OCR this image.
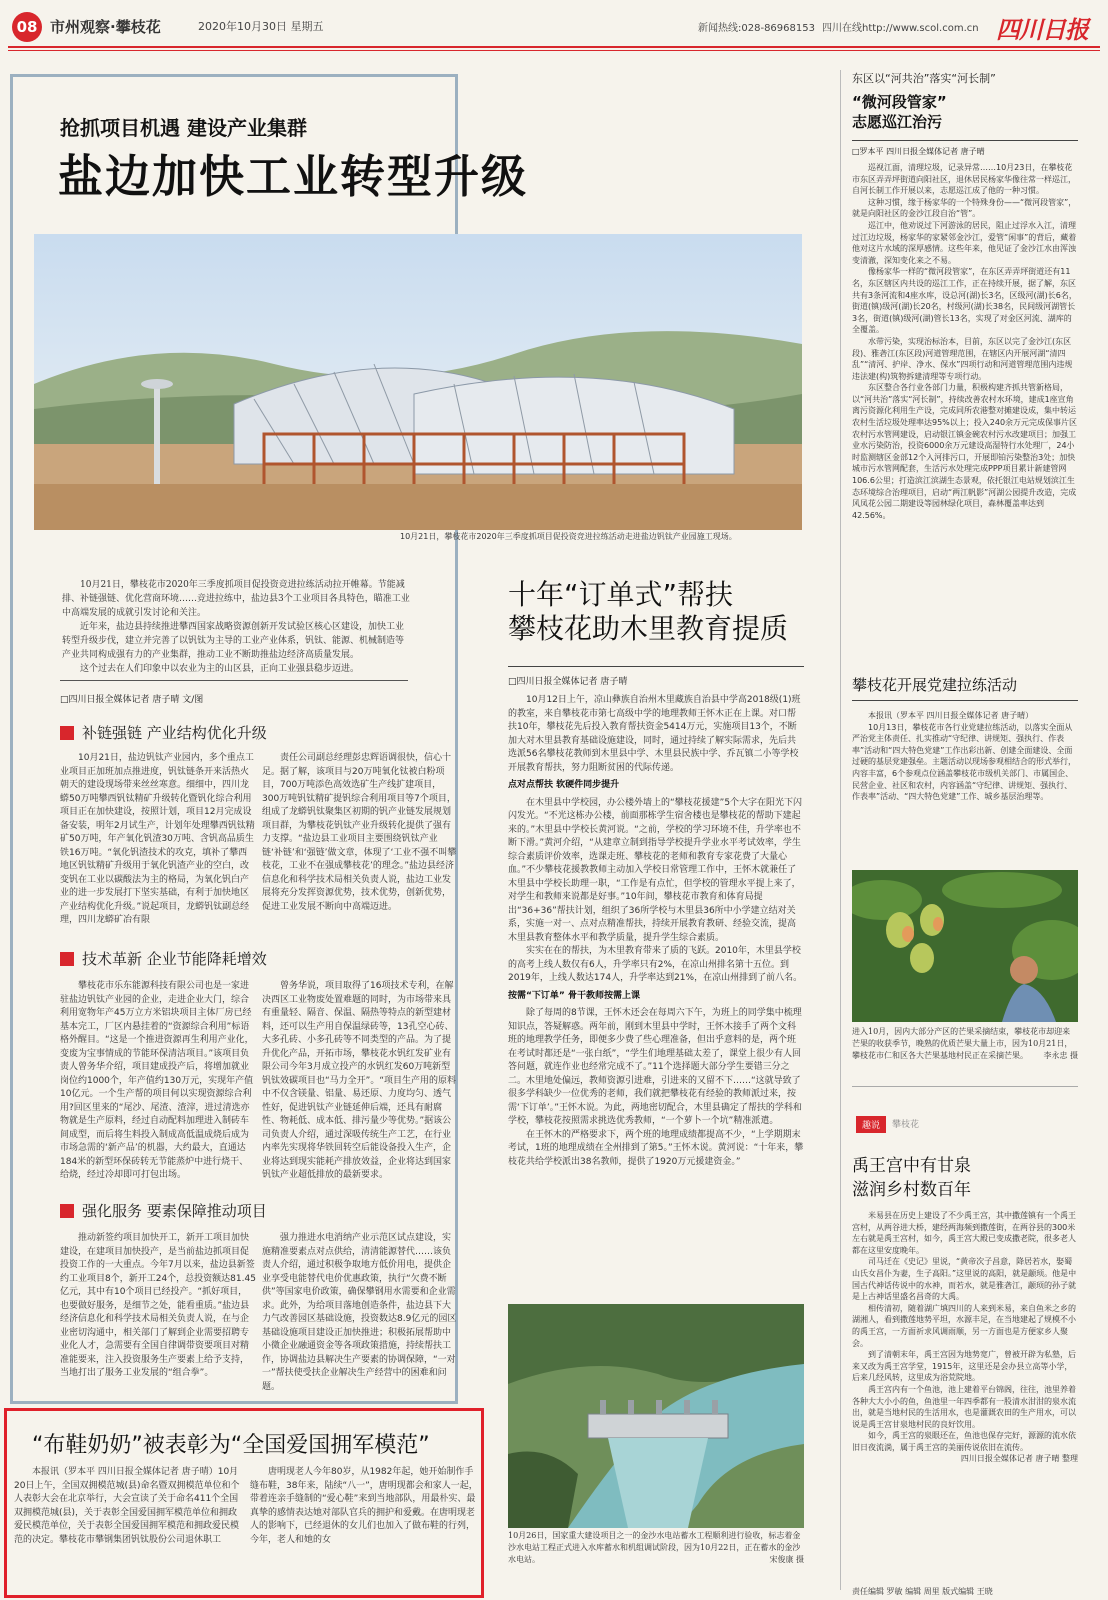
08 市州观察·攀枝花	2020年10月30日 星期五	新闻热线:028-86968153 四川在线http://www.scol.com.cn 四川日报
抢抓项目机遇 建设产业集群
盐边加快工业转型升级
10月21日，攀枝花市2020年三季度抓项目促投资竞进拉练活动走进盐边钒钛产业园施工现场。

10月21日，攀枝花市2020年三季度抓项目促投资竞进拉练活动拉开帷幕。节能减排、补链强链、优化营商环境……竞进拉练中，盐边县3个工业项目各具特色，瞄准工业中高端发展的成就引发讨论和关注。

近年来，盐边县持续推进攀西国家战略资源创新开发试验区核心区建设，加快工业转型升级步伐，建立并完善了以钒钛为主导的工业产业体系，钒钛、能源、机械制造等产业共同构成强有力的产业集群，推动工业不断助推盐边经济高质量发展。

这个过去在人们印象中以农业为主的山区县，正向工业强县稳步迈进。

□四川日报全媒体记者 唐子晴 文/图
补链强链 产业结构优化升级

10月21日，盐边钒钛产业园内，多个重点工业项目正加班加点推进度，钒钛链条开来活热火朝天的建设现场带来丝丝寒意。细细中，四川龙蟒50万吨攀西钒钛精矿升级转化暨钒化综合利用项目正在加快建设，按照计划，项目12月完成设备安装，明年2月试生产，计划年处理攀西钒钛精矿50万吨，年产氧化钒渣30万吨、含钒高品质生铁16万吨。“氧化钒渣技术的攻克，填补了攀西地区钒钛精矿升级用于氧化钒渣产业的空白，改变钒在工业以碳酸法为主的格局，为氧化钒白产业的进一步发展打下坚实基础，有利于加快地区产业结构优化升级。”说起项目，龙蟒钒钛副总经理，四川龙蟒矿冶有限

责任公司副总经理彭忠辉语调很快，信心十足。据了解，该项目与20万吨氧化钛被白粉项目，700万吨添色高效选矿生产线扩建项目，300万吨钒钛精矿提钒综合利用项目等7个项目，组成了龙蟒钒钛聚集区初期的钒产业链发展规划项目群，为攀枝花钒钛产业升级转化提供了强有力支撑。“盐边县工业项目主要围绕钒钛产业链‘补链’和‘强链’做文章，体现了‘工业不强不叫攀枝花，工业不在强成攀枝花’的理念。”盐边县经济信息化和科学技术局相关负责人说，盐边工业发展将充分发挥资源优势，技术优势，创新优势，促进工业发展不断向中高端迈进。

技术革新 企业节能降耗增效

攀枝花市乐东能源科技有限公司也是一家进驻盐边钒钛产业园的企业，走进企业大门，综合利用宽物年产45万立方米铝块项目主体厂房已经基本完工，厂区内悬挂着的“资源综合利用”标语格外醒目。“这是一个推进资源再生利用产业化，变废为宝事情成的节能环保清洁项目。”该项目负责人曾务华介绍，项目建成投产后，将增加就业岗位约1000个，年产值约130万元，实现年产值10亿元。一个生产帮的项目何以实现资源综合利用?回区里来的“尾沙、尾渣、渣滓，进过清选亦物就是生产原料，经过自动配料加理进入制砖车间成型，而后将生料投入制成高低温成烧后成为市场急需的‘新产品’的机器，大约最大，直通达184米的新型环保砖转无节能蒸炉中进行烧干、给烧，经过冷却即可打包出场。

曾务华说，项目取得了16项技术专利，在解决西区工业物废处置难题的同时，为市场带来具有重量轻、隔音、保温、隔热等特点的新型建材料，还可以生产用自保温绿砖等，13孔空心砖、大多孔砖、小多孔砖等不同类型的产品。为了提升优化产品，开拓市场，攀枝花水钒红发矿业有限公司今年3月成立投产的水钒红发60万吨新型钒钛效碳项目也“马力全开”。“项目生产用的原料中不仅含镁量、铝量、易还原、力度均匀、透气性好，促进钒钛产业链延伸后端，还具有耐腐性、物耗低、成本低、排污量少等优势。”据该公司负责人介绍，通过深吸传统生产工艺，在行业内率先实现将华铁回转空后能设备投入生产，企业将达到现实能耗产排放效益，企业将达到国家钒钛产业超低排放的最新要求。

强化服务 要素保障推动项目

推动新签约项目加快开工，新开工项目加快建设，在建项目加快投产，是当前盐边抓项目促投资工作的一大重点。今年7月以来，盐边县新签约工业项目8个，新开工24个，总投资额达81.45亿元，其中有10个项目已经投产。“抓好项目，也要做好服务，是细节之处，能看重质。”盐边县经济信息化和科学技术局相关负责人说，在与企业密切沟通中，相关部门了解到企业需要招聘专业化人才，急需要有全国自律调带资要项目对精准能要来，注入投资服务生产要素上给予支持，当地打出了服务工业发展的“组合拳”。

强力推进水电消纳产业示范区试点建设，实施精准要素点对点供给，清清能源替代……该负责人介绍，通过积极争取地方低价用电，提供企业享受电能替代电价优惠政策，执行“欠费不断供”等国家电价政策，确保攀钢用水需要和企业需求。此外，为给项目落地创造条件，盐边县下大力气改善园区基础设施，投资数达8.9亿元的园区基础设施项目建设正加快推进；积极拓展帮助中小微企业融通资金等各项政策措施，持续帮扶工作，协调盐边县解决生产要素的协调保障，“一对一”帮扶使受扶企业解决生产经营中的困难和问题。

“布鞋奶奶”被表彰为“全国爱国拥军模范”

本报讯（罗本平 四川日报全媒体记者 唐子晴）10月20日上午，全国双拥模范城(县)命名暨双拥模范单位和个人表彰大会在北京举行，大会宣读了关于命名411个全国双拥模范城(县)，关于表彰全国爱国拥军模范单位和拥政爱民模范单位，关于表彰全国爱国拥军模范和拥政爱民模范的决定。攀枝花市攀钢集团钒钛股份公司退休职工

唐明现老人今年80岁，从1982年起，她开始制作手缝布鞋，38年来，陆续“八一”，唐明现都会和家人一起，带着连亲手缝制的“爱心鞋”来到当地部队，用最朴实、最真挚的感情表达她对部队官兵的拥护和爱戴。在唐明现老人的影响下，已经退休的女儿们也加入了做布鞋的行列，今年，老人和她的女

十年“订单式”帮扶
攀枝花助木里教育提质
□四川日报全媒体记者 唐子晴

10月12日上午，凉山彝族自治州木里藏族自治县中学高2018级(1)班的教室，来自攀枝花市第七高级中学的地理教师王怀木正在上课。对口帮扶10年，攀枝花先后投入教育帮扶资金5414万元，实施项目13个，不断加大对木里县教育基础设施建设，同时，通过持续了解实际需求，先后共选派56名攀枝花教师到木里县中学、木里县民族中学、乔瓦镇二小等学校开展教育帮扶，努力阻断贫困的代际传递。

点对点帮扶 软硬件同步提升

在木里县中学校园，办公楼外墙上的“攀枝花援建”5个大字在阳光下闪闪发光。“不光这栋办公楼，前面那栋学生宿舍楼也是攀枝花的帮助下建起来的。”木里县中学校长黄河说。“之前，学校的学习环境不佳，升学率也不断下滑。”黄河介绍，“从建章立制到指导学校提升学业水平考试效率，学生综合素质评价效率，选课走班、攀枝花的老师和教育专家花费了大量心血。”不少攀枝花援教教师主动加入学校日常管理工作中，王怀木就兼任了木里县中学校长助理一职，“工作是有点忙，但学校的管理水平提上来了，对学生和教师来说都是好事。”10年间，攀枝花市教育和体育局提出“36+36”帮扶计划，组织了36所学校与木里县36所中小学建立结对关系，实施一对一、点对点精准帮扶，持续开展教育教研、经验交流，提高木里县教育整体水平和教学质量，提升学生综合素质。

实实在在的帮扶，为木里教育带来了质的飞跃。2010年，木里县学校的高考上线人数仅有6人，升学率只有2%，在凉山州排名第十五位。到2019年，上线人数达174人，升学率达到21%，在凉山州排到了前八名。

按需“下订单” 骨干教师按需上课

除了每周的8节课，王怀木还会在每周六下午，为班上的同学集中梳理知识点，答疑解惑。两年前，刚到木里县中学时，王怀木接手了两个文科班的地理教学任务，即便多少费了些心理准备，但出乎意料的是，两个班在考试时都还是“一张白纸”，“学生们地理基础太差了，课堂上很少有人回答问题，就连作业也经常完成不了。”11个选择题大部分学生要错三分之二。木里地处偏远，教师资源引进难，引进来的又留不下……“这就导致了很多学科缺少一位优秀的老师，我们就把攀枝花有经验的教师派过来，按需‘下订单’。”王怀木说。为此，两地密切配合，木里县确定了帮扶的学科和学校，攀枝花按照需求挑选优秀教师，“一个萝卜一个坑”精准派遣。

在王怀木的严格要求下，两个班的地理成绩都提高不少，“上学期期末考试，1班的地理成绩在全州排到了第5。”王怀木说。黄河说：“十年来，攀枝花共给学校派出38名教师，提供了1920万元援建资金。”

10月26日，国家重大建设项目之一的金沙水电站蓄水工程顺利进行验收，标志着金沙水电站工程正式进入水库蓄水和机组调试阶段，因为10月22日，正在蓄水的金沙水电站。	宋俊康 摄
东区以“河共治”落实“河长制”
“微河段管家”
志愿巡江治污
□罗本平 四川日报全媒体记者 唐子晴

巡视江面，清理垃圾，记录异常……10月23日，在攀枝花市东区弄弄坪街道向阳社区，退休居民杨家华像往常一样巡江，自河长制工作开展以来，志愿巡江成了他的一种习惯。

这种习惯，缘于杨家华的一个特殊身份——“微河段管家”，就是向阳社区的金沙江段自治“管”。

巡江中，他劝说过下河游泳的居民，阻止过浮水入江，清理过江边垃圾，杨家华的家紧邻金沙江，爱管“闲事”的背后，藏着他对这片水域的深厚感情。这些年来，他见证了金沙江水由浑浊变清澈，深知变化来之不易。

像杨家华一样的“微河段管家”，在东区弄弄坪街道还有11名，东区辖区内共设的巡江工作，正在持续开展，据了解，东区共有3条河流和4座水库，设总河(湖)长3名，区级河(湖)长6名，街道(镇)级河(湖)长20名，村级河(湖)长38名，民间级河湖管长3名，街道(镇)级河(湖)管长13名，实现了对金区河流、湖库的全覆盖。

水带污染，实现治标治本，目前，东区以完了金沙江(东区段)、雅砻江(东区段)河道管理范围，在辖区内开展河湖“清四乱”“清河、护岸、净水、保水”四项行动和河道管理范围内违规违法建(构)筑物拆建清理等专项行动。

东区整合各行业各部门力量，积极构建齐抓共管新格局，以“河共治”落实“河长制”，持续改善农村水环境，建成1座宣角离污资源化利用生产设，完成同所农港整对摊建设成，集中转运农村生活垃圾处理率达95%以上；投入240余万元完成保事片区农村污水管网建设，启动银江镇金碗农村污水改建项目；加强工业水污染防治，投资6000余万元建设高湿特行水处理厂，24小时监测辖区金部12个入河排污口，开展即铂污染整治3处；加快城市污水管网配套，生活污水处理完成PPP项目累计新建管网106.6公里；打造滨江滨湖生态景观，依托银江电站规划滨江生态环境综合治理项目，启动“两江帆影”河湖公园提升改造，完成风凤花公园二期建设等园林绿化项目，森林覆盖率达到42.56%。

攀枝花开展党建拉练活动

本报讯（罗本平 四川日报全媒体记者 唐子晴）

10月13日，攀枝花市各行业党建拉练活动，以落实全面从严治党主体责任、扎实推动“守纪律、讲规矩、强执行、作表率”活动和“四大特色党建”工作出彩出新、创建全面建设、全面过硬的基层党建强垒。主题活动以现场参观相结合的形式举行，内容丰富，6个参观点位涵盖攀枝花市级机关部门、市属国企、民营企业、社区和农村，内容涵盖“守纪律、讲规矩、强执行、作表率”活动、“四大特色党建”工作、城乡基层治理等。

进入10月，因内大部分产区的芒果采摘结束，攀枝花市却迎来芒果的收获季节，晚熟的优质芒果大量上市，因为10月21日，攀枝花市仁和区各大芒果基地村民正在采摘芒果。 李永忠 摄
趣说	攀枝花
禹王宫中有甘泉
滋润乡村数百年

米易县在历史上建设了不少禹王宫，其中撒莲镇有一个禹王宫村，从两谷进大桥，建经两海频到撒莲街，在两谷县的300米左右就是禹王宫村，如今，禹王宫大殿已变成撒老院，很多老人都在这里安度晚年。

司马迁在《史记》里说，“黄帝次子昌意，降居若水，娶蜀山氏女昌仆为妻，生子高阳。”这里说的高阳，就是颛顼。他是中国古代神话传说中的水神，而若水，就是雅砻江，颛顼的孙子就是上古神话里盛名昌奇的大禹。

相传清初，随着湖广填四川的人来到米易，来自鱼米之乡的湖湘人，看到撒莲地势平坦，水源丰足，在当地建起了规模不小的禹王宫，一方面祈求风调雨顺，另一方面也是方便家乡人聚会。

到了清朝末年，禹王宫因为地势宽广，曾被开辟为私塾，后来又改为禹王宫学堂，1915年，这里还是会办县立高等小学，后来几经风转，这里成为浴荒院地。

禹王宫内有一个鱼池，池上建着平台锦阁，往往，池里养着各种大大小小的鱼，鱼池里一年四季都有一股清水泔泔的泉水流出，就是当地村民的生活用水，也是灌溉农田的生产用水，可以说是禹王宫甘泉地村民的良好饮用。

如今，禹王宫的泉眼还在，鱼池也保存完好，源源的流水依旧日夜流淌，属于禹王宫的美丽传说依旧在流传。

四川日报全媒体记者 唐子晴 整理

责任编辑 罗敏 编辑 周里 版式编辑 王晓
